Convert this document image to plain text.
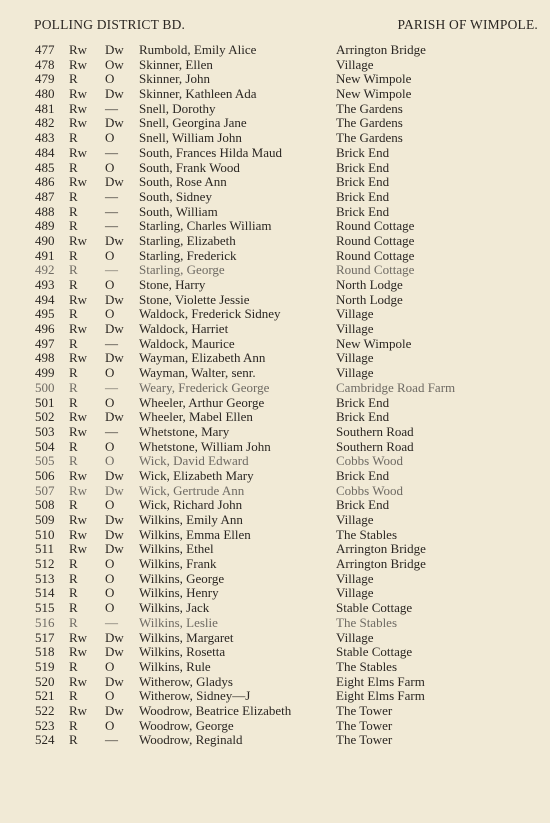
POLLING DISTRICT BD.	PARISH OF WIMPOLE.
477 Rw Dw Rumbold, Emily Alice	Arrington Bridge
478 Rw Ow Skinner, Ellen	Village
479 R O Skinner, John	New Wimpole
480 Rw Dw Skinner, Kathleen Ada	New Wimpole
481 Rw — Snell, Dorothy	The Gardens
482 Rw Dw Snell, Georgina Jane	The Gardens
483 R O Snell, William John	The Gardens
484 Rw — South, Frances Hilda Maud	Brick End
485 R O South, Frank Wood	Brick End
486 Rw Dw South, Rose Ann	Brick End
487 R — South, Sidney	Brick End
488 R — South, William	Brick End
489 R — Starling, Charles William	Round Cottage
490 Rw Dw Starling, Elizabeth	Round Cottage
491 R O Starling, Frederick	Round Cottage
492 R — Starling, George	Round Cottage
493 R O Stone, Harry	North Lodge
494 Rw Dw Stone, Violette Jessie	North Lodge
495 R O Waldock, Frederick Sidney	Village
496 Rw Dw Waldock, Harriet	Village
497 R — Waldock, Maurice	New Wimpole
498 Rw Dw Wayman, Elizabeth Ann	Village
499 R O Wayman, Walter, senr.	Village
500 R — Weary, Frederick George	Cambridge Road Farm
501 R O Wheeler, Arthur George	Brick End
502 Rw Dw Wheeler, Mabel Ellen	Brick End
503 Rw — Whetstone, Mary	Southern Road
504 R O Whetstone, William John	Southern Road
505 R O Wick, David Edward	Cobbs Wood
506 Rw Dw Wick, Elizabeth Mary	Brick End
507 Rw Dw Wick, Gertrude Ann	Cobbs Wood
508 R O Wick, Richard John	Brick End
509 Rw Dw Wilkins, Emily Ann	Village
510 Rw Dw Wilkins, Emma Ellen	The Stables
511 Rw Dw Wilkins, Ethel	Arrington Bridge
512 R O Wilkins, Frank	Arrington Bridge
513 R O Wilkins, George	Village
514 R O Wilkins, Henry	Village
515 R O Wilkins, Jack	Stable Cottage
516 R — Wilkins, Leslie	The Stables
517 Rw Dw Wilkins, Margaret	Village
518 Rw Dw Wilkins, Rosetta	Stable Cottage
519 R O Wilkins, Rule	The Stables
520 Rw Dw Witherow, Gladys	Eight Elms Farm
521 R O Witherow, Sidney—J	Eight Elms Farm
522 Rw Dw Woodrow, Beatrice Elizabeth	The Tower
523 R O Woodrow, George	The Tower
524 R — Woodrow, Reginald	The Tower
